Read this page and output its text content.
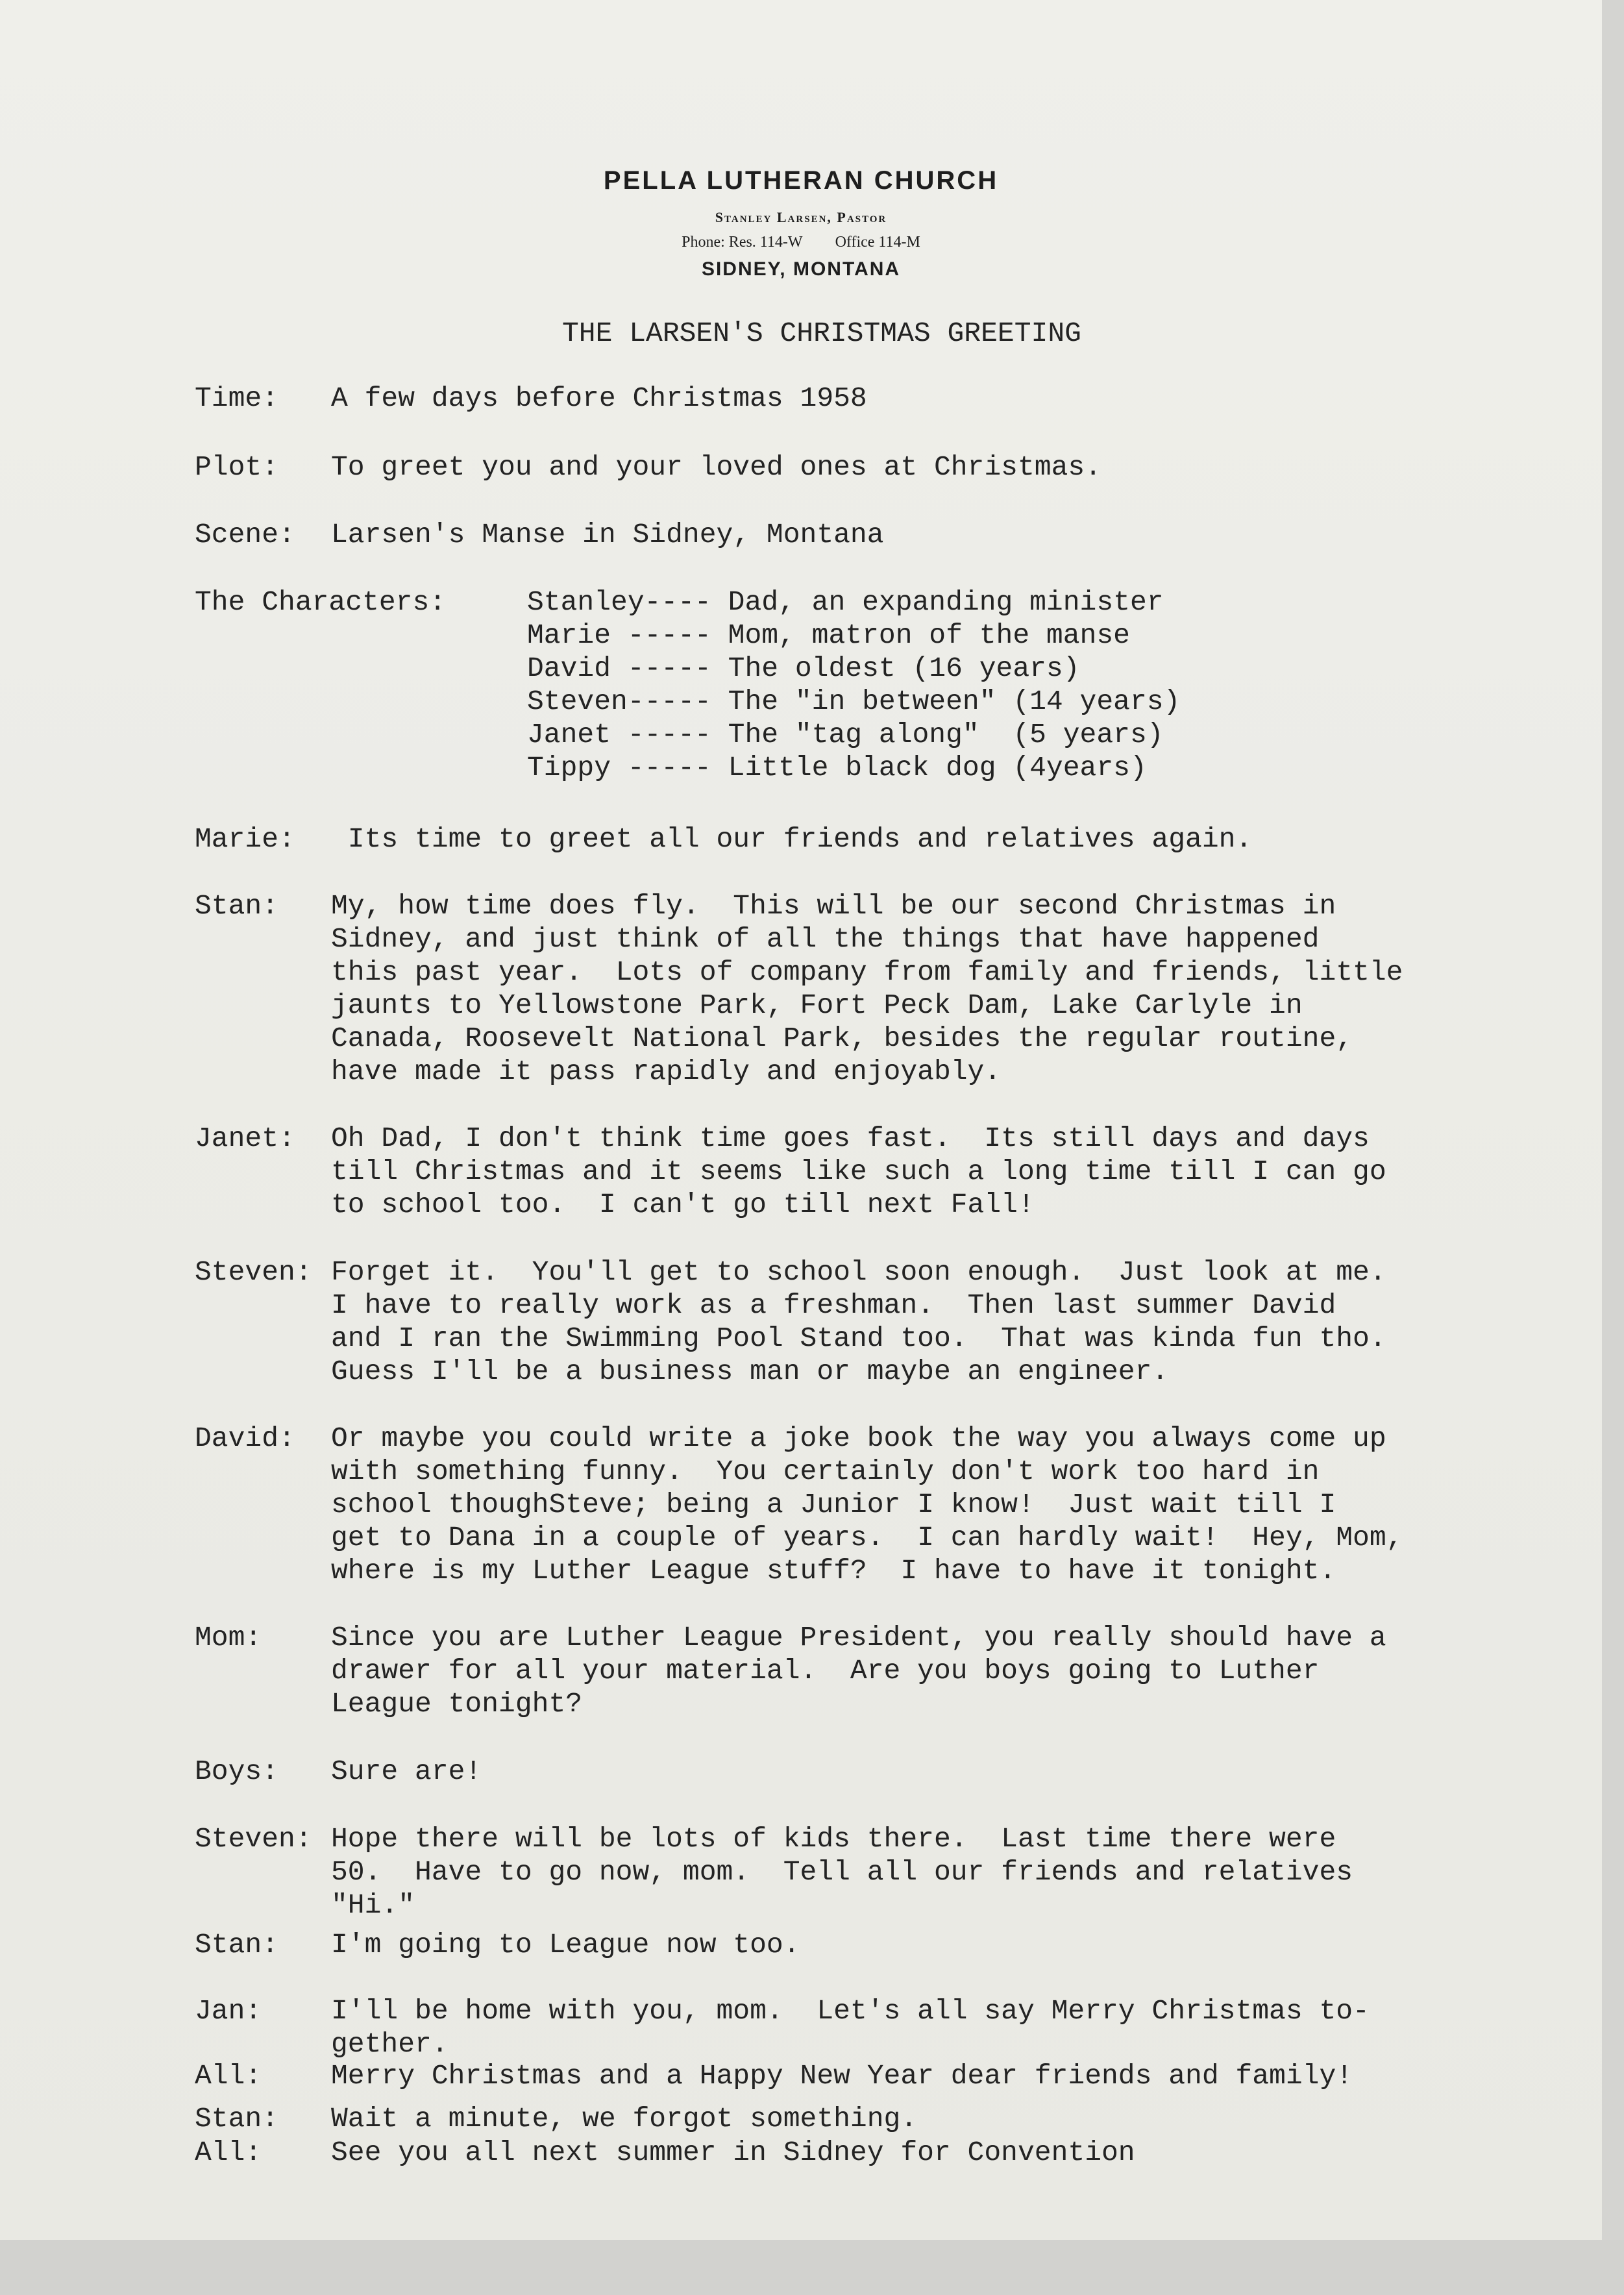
PELLA LUTHERAN CHURCH
Stanley Larsen, Pastor
Phone: Res. 114-W Office 114-M
SIDNEY, MONTANA
THE LARSEN'S CHRISTMAS GREETING
Time: A few days before Christmas 1958
Plot: To greet you and your loved ones at Christmas.
Scene: Larsen's Manse in Sidney, Montana
The Characters:	Stanley---- Dad, an expanding minister
Marie ----- Mom, matron of the manse
David ----- The oldest (16 years)
Steven----- The "in between" (14 years)
Janet ----- The "tag along"  (5 years)
Tippy ----- Little black dog (4years)
Marie: Its time to greet all our friends and relatives again.
Stan: My, how time does fly.  This will be our second Christmas in
Sidney, and just think of all the things that have happened
this past year.  Lots of company from family and friends, little
jaunts to Yellowstone Park, Fort Peck Dam, Lake Carlyle in
Canada, Roosevelt National Park, besides the regular routine,
have made it pass rapidly and enjoyably.
Janet: Oh Dad, I don't think time goes fast.  Its still days and days
till Christmas and it seems like such a long time till I can go
to school too.  I can't go till next Fall!
Steven: Forget it.  You'll get to school soon enough.  Just look at me.
I have to really work as a freshman.  Then last summer David
and I ran the Swimming Pool Stand too.  That was kinda fun tho.
Guess I'll be a business man or maybe an engineer.
David: Or maybe you could write a joke book the way you always come up
with something funny.  You certainly don't work too hard in
school thoughSteve; being a Junior I know!  Just wait till I
get to Dana in a couple of years.  I can hardly wait!  Hey, Mom,
where is my Luther League stuff?  I have to have it tonight.
Mom: Since you are Luther League President, you really should have a
drawer for all your material.  Are you boys going to Luther
League tonight?
Boys: Sure are!
Steven: Hope there will be lots of kids there.  Last time there were
50.  Have to go now, mom.  Tell all our friends and relatives
"Hi."
Stan: I'm going to League now too.
Jan: I'll be home with you, mom.  Let's all say Merry Christmas to-
gether.
All: Merry Christmas and a Happy New Year dear friends and family!
Stan: Wait a minute, we forgot something.
All: See you all next summer in Sidney for Convention
